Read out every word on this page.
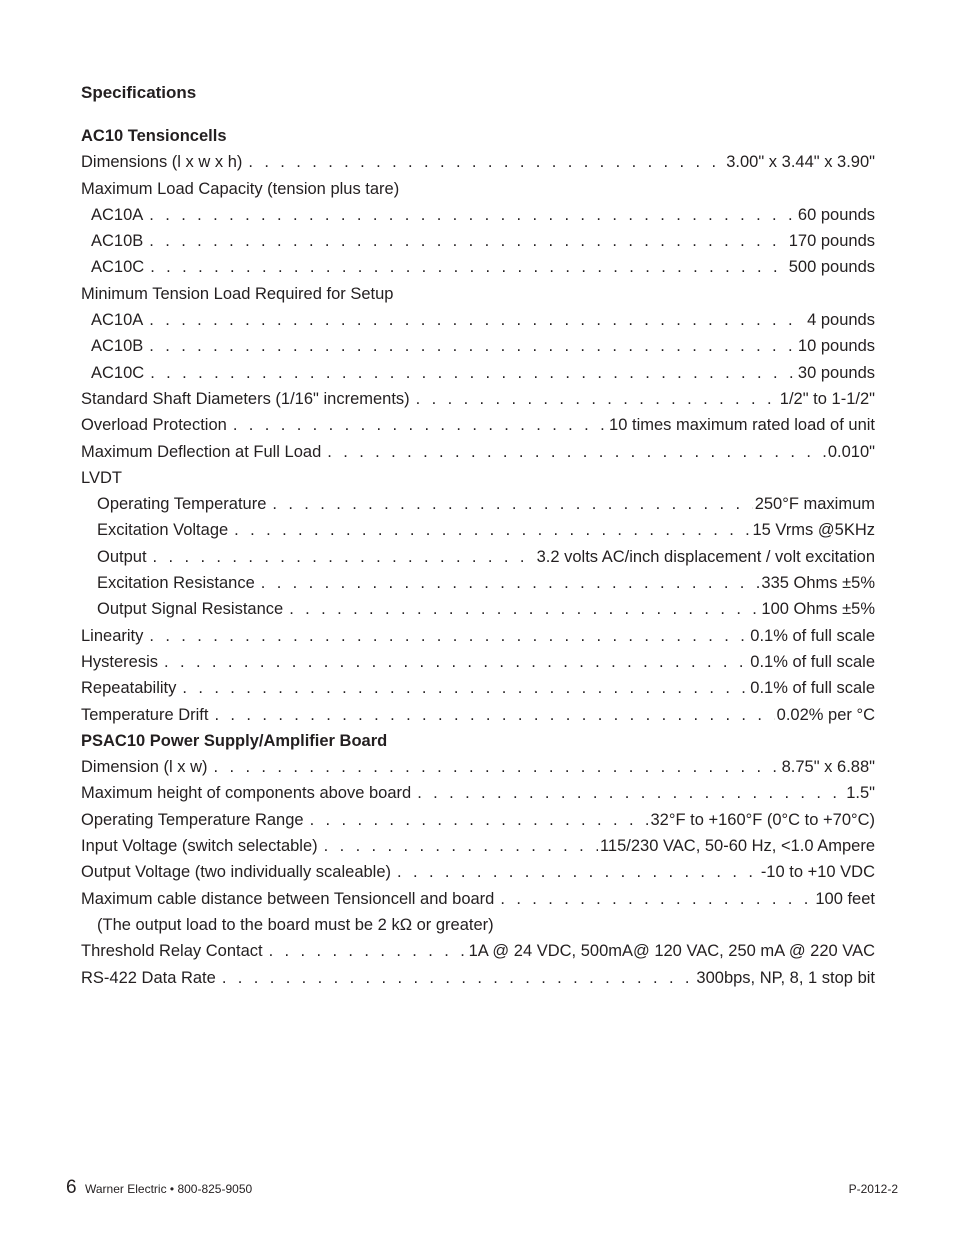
Specifications
AC10 Tensioncells
Dimensions (l x w x h) . . .	3.00" x 3.44" x 3.90"
Maximum Load Capacity (tension plus tare)
AC10A . . .	60 pounds
AC10B . . .	170 pounds
AC10C . . .	500 pounds
Minimum Tension Load Required for Setup
AC10A . . .	4 pounds
AC10B . . .	10 pounds
AC10C . . .	30 pounds
Standard Shaft Diameters (1/16" increments) . . .	1/2" to 1-1/2"
Overload Protection . . .	10 times maximum rated load of unit
Maximum Deflection at Full Load . . .	0.010"
LVDT
Operating Temperature . . .	250°F maximum
Excitation Voltage . . .	15 Vrms @5KHz
Output . . .	3.2 volts AC/inch displacement / volt excitation
Excitation Resistance . . .	335 Ohms ±5%
Output Signal Resistance . . .	100 Ohms ±5%
Linearity . . .	0.1% of full scale
Hysteresis . . .	0.1% of full scale
Repeatability . . .	0.1% of full scale
Temperature Drift . . .	0.02% per °C
PSAC10 Power Supply/Amplifier Board
Dimension (l x w) . . .	8.75" x 6.88"
Maximum height of components above board . . .	1.5"
Operating Temperature Range . . .	32°F to +160°F (0°C to +70°C)
Input Voltage (switch selectable) . . .	115/230 VAC, 50-60 Hz, <1.0 Ampere
Output Voltage (two individually scaleable) . . .	-10 to +10 VDC
Maximum cable distance between Tensioncell and board . . .	100 feet
(The output load to the board must be 2 kΩ or greater)
Threshold Relay Contact . . .	1A @ 24 VDC, 500mA@ 120 VAC, 250 mA @ 220 VAC
RS-422 Data Rate . . .	300bps, NP, 8, 1 stop bit
6 Warner Electric • 800-825-9050	P-2012-2
